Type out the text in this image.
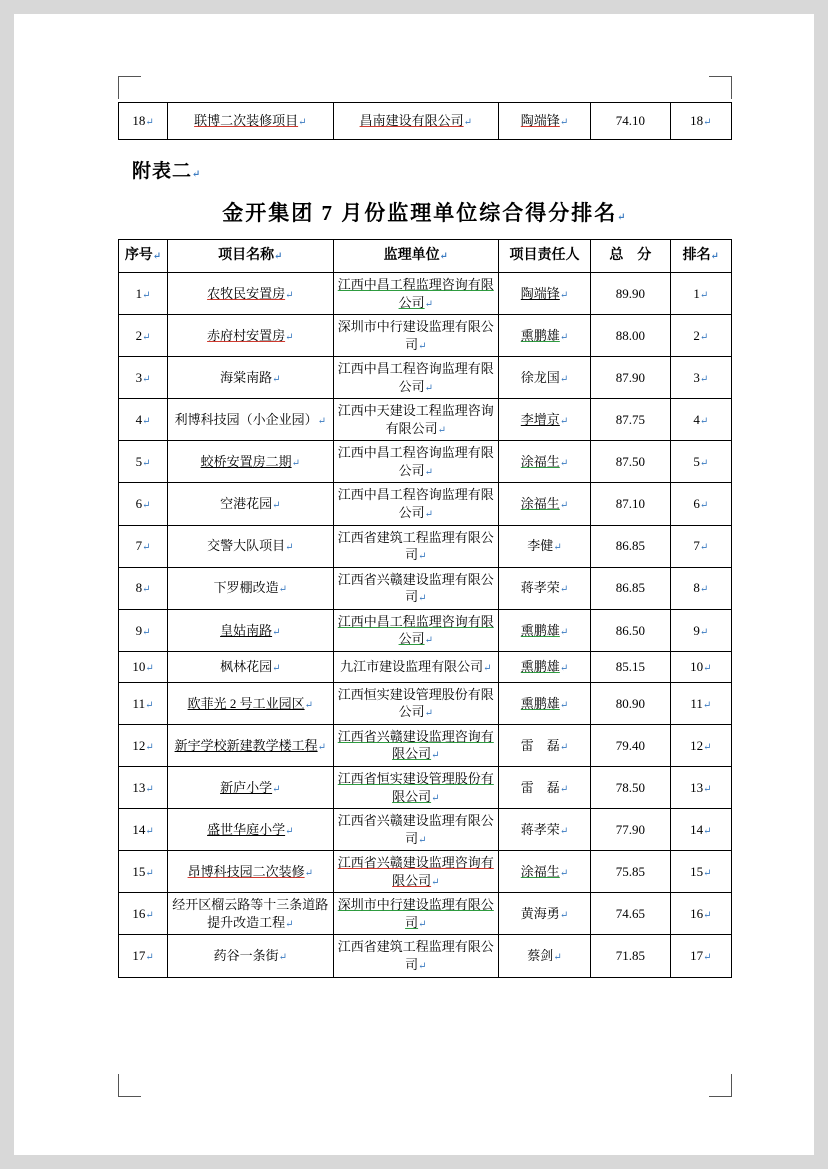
18↵	联博二次装修项目↵	昌南建设有限公司↵	陶端锋↵	74.10	18↵
附表二↵
金开集团 7 月份监理单位综合得分排名↵
序号↵	项目名称↵	监理单位↵	项目责任人	总　分	排名↵
1↵	农牧民安置房↵	江西中昌工程监理咨询有限公司↵	陶端锋↵	89.90	1↵
2↵	赤府村安置房↵	深圳市中行建设监理有限公司↵	熏鹏雄↵	88.00	2↵
3↵	海棠南路↵	江西中昌工程咨询监理有限公司↵	徐龙国↵	87.90	3↵
4↵	利博科技园（小企业园）↵	江西中天建设工程监理咨询有限公司↵	李增京↵	87.75	4↵
5↵	蛟桥安置房二期↵	江西中昌工程咨询监理有限公司↵	涂福生↵	87.50	5↵
6↵	空港花园↵	江西中昌工程咨询监理有限公司↵	涂福生↵	87.10	6↵
7↵	交警大队项目↵	江西省建筑工程监理有限公司↵	李健↵	86.85	7↵
8↵	下罗棚改造↵	江西省兴赣建设监理有限公司↵	蒋孝荣↵	86.85	8↵
9↵	皇姑南路↵	江西中昌工程监理咨询有限公司↵	熏鹏雄↵	86.50	9↵
10↵	枫林花园↵	九江市建设监理有限公司↵	熏鹏雄↵	85.15	10↵
11↵	欧菲光 2 号工业园区↵	江西恒实建设管理股份有限公司↵	熏鹏雄↵	80.90	11↵
12↵	新宇学校新建教学楼工程↵	江西省兴赣建设监理咨询有限公司↵	雷　磊↵	79.40	12↵
13↵	新庐小学↵	江西省恒实建设管理股份有限公司↵	雷　磊↵	78.50	13↵
14↵	盛世华庭小学↵	江西省兴赣建设监理有限公司↵	蒋孝荣↵	77.90	14↵
15↵	昂博科技园二次装修↵	江西省兴赣建设监理咨询有限公司↵	涂福生↵	75.85	15↵
16↵	经开区榴云路等十三条道路提升改造工程↵	深圳市中行建设监理有限公司↵	黄海勇↵	74.65	16↵
17↵	药谷一条街↵	江西省建筑工程监理有限公司↵	蔡剑↵	71.85	17↵
